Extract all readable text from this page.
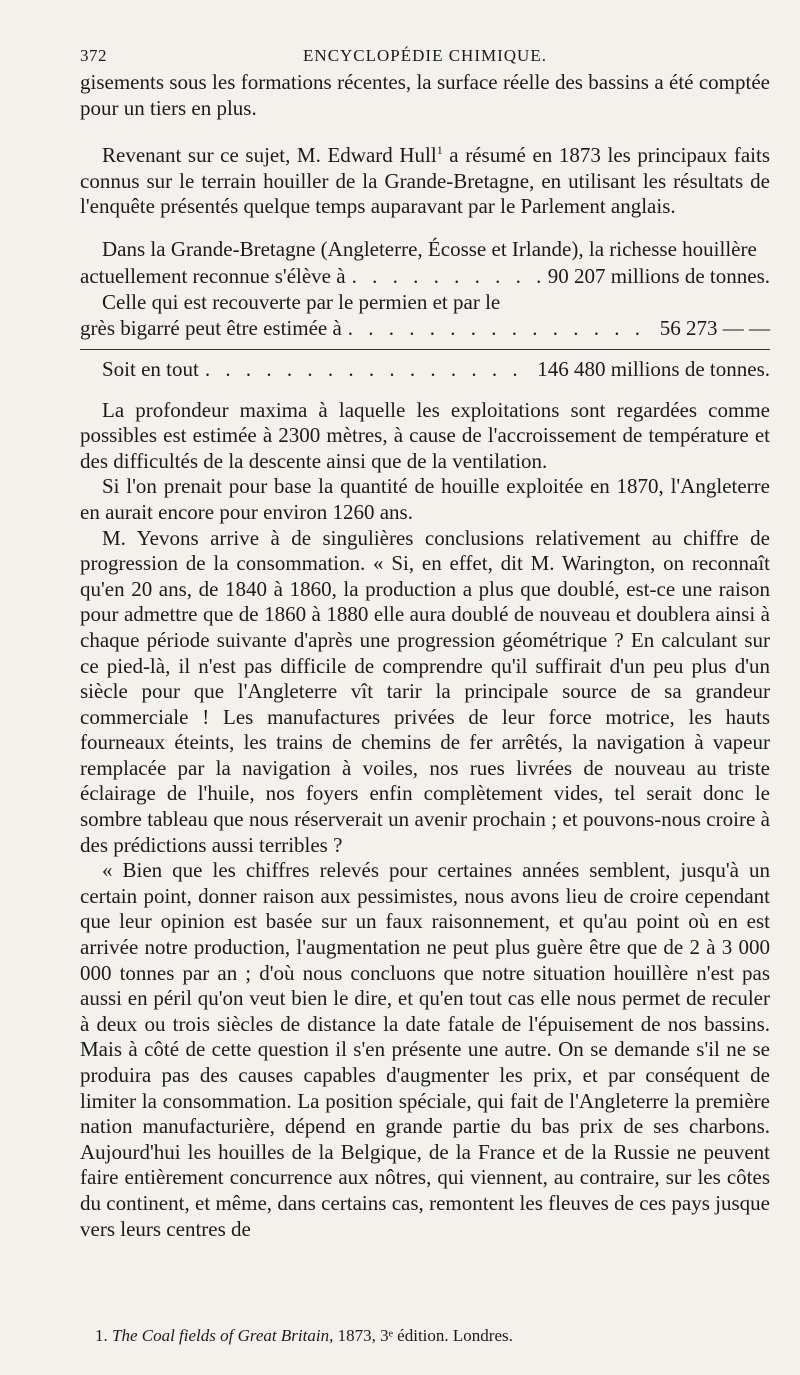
372	ENCYCLOPÉDIE CHIMIQUE.

gisements sous les formations récentes, la surface réelle des bassins a été comptée pour un tiers en plus.

Revenant sur ce sujet, M. Edward Hull$^1$ a résumé en 1873 les principaux faits connus sur le terrain houiller de la Grande-Bretagne, en utilisant les résultats de l'enquête présentés quelque temps auparavant par le Parlement anglais.

Dans la Grande-Bretagne (Angleterre, Écosse et Irlande), la richesse houillère

actuellement reconnue s'élève à . . .	90 207 millions de tonnes.
Celle qui est recouverte par le permien et par le
grès bigarré peut être estimée à . . .	56 273 — —
Soit en tout . . .	146 480 millions de tonnes.

La profondeur maxima à laquelle les exploitations sont regardées comme possibles est estimée à 2300 mètres, à cause de l'accroissement de température et des difficultés de la descente ainsi que de la ventilation.

Si l'on prenait pour base la quantité de houille exploitée en 1870, l'Angleterre en aurait encore pour environ 1260 ans.

M. Yevons arrive à de singulières conclusions relativement au chiffre de progression de la consommation. « Si, en effet, dit M. Warington, on reconnaît qu'en 20 ans, de 1840 à 1860, la production a plus que doublé, est-ce une raison pour admettre que de 1860 à 1880 elle aura doublé de nouveau et doublera ainsi à chaque période suivante d'après une progression géométrique ? En calculant sur ce pied-là, il n'est pas difficile de comprendre qu'il suffirait d'un peu plus d'un siècle pour que l'Angleterre vît tarir la principale source de sa grandeur commerciale ! Les manufactures privées de leur force motrice, les hauts fourneaux éteints, les trains de chemins de fer arrêtés, la navigation à vapeur remplacée par la navigation à voiles, nos rues livrées de nouveau au triste éclairage de l'huile, nos foyers enfin complètement vides, tel serait donc le sombre tableau que nous réserverait un avenir prochain ; et pouvons-nous croire à des prédictions aussi terribles ?

« Bien que les chiffres relevés pour certaines années semblent, jusqu'à un certain point, donner raison aux pessimistes, nous avons lieu de croire cependant que leur opinion est basée sur un faux raisonnement, et qu'au point où en est arrivée notre production, l'augmentation ne peut plus guère être que de 2 à 3 000 000 tonnes par an ; d'où nous concluons que notre situation houillère n'est pas aussi en péril qu'on veut bien le dire, et qu'en tout cas elle nous permet de reculer à deux ou trois siècles de distance la date fatale de l'épuisement de nos bassins. Mais à côté de cette question il s'en présente une autre. On se demande s'il ne se produira pas des causes capables d'augmenter les prix, et par conséquent de limiter la consommation. La position spéciale, qui fait de l'Angleterre la première nation manufacturière, dépend en grande partie du bas prix de ses charbons. Aujourd'hui les houilles de la Belgique, de la France et de la Russie ne peuvent faire entièrement concurrence aux nôtres, qui viennent, au contraire, sur les côtes du continent, et même, dans certains cas, remontent les fleuves de ces pays jusque vers leurs centres de

1. The Coal fields of Great Britain, 1873, 3ᵉ édition. Londres.
